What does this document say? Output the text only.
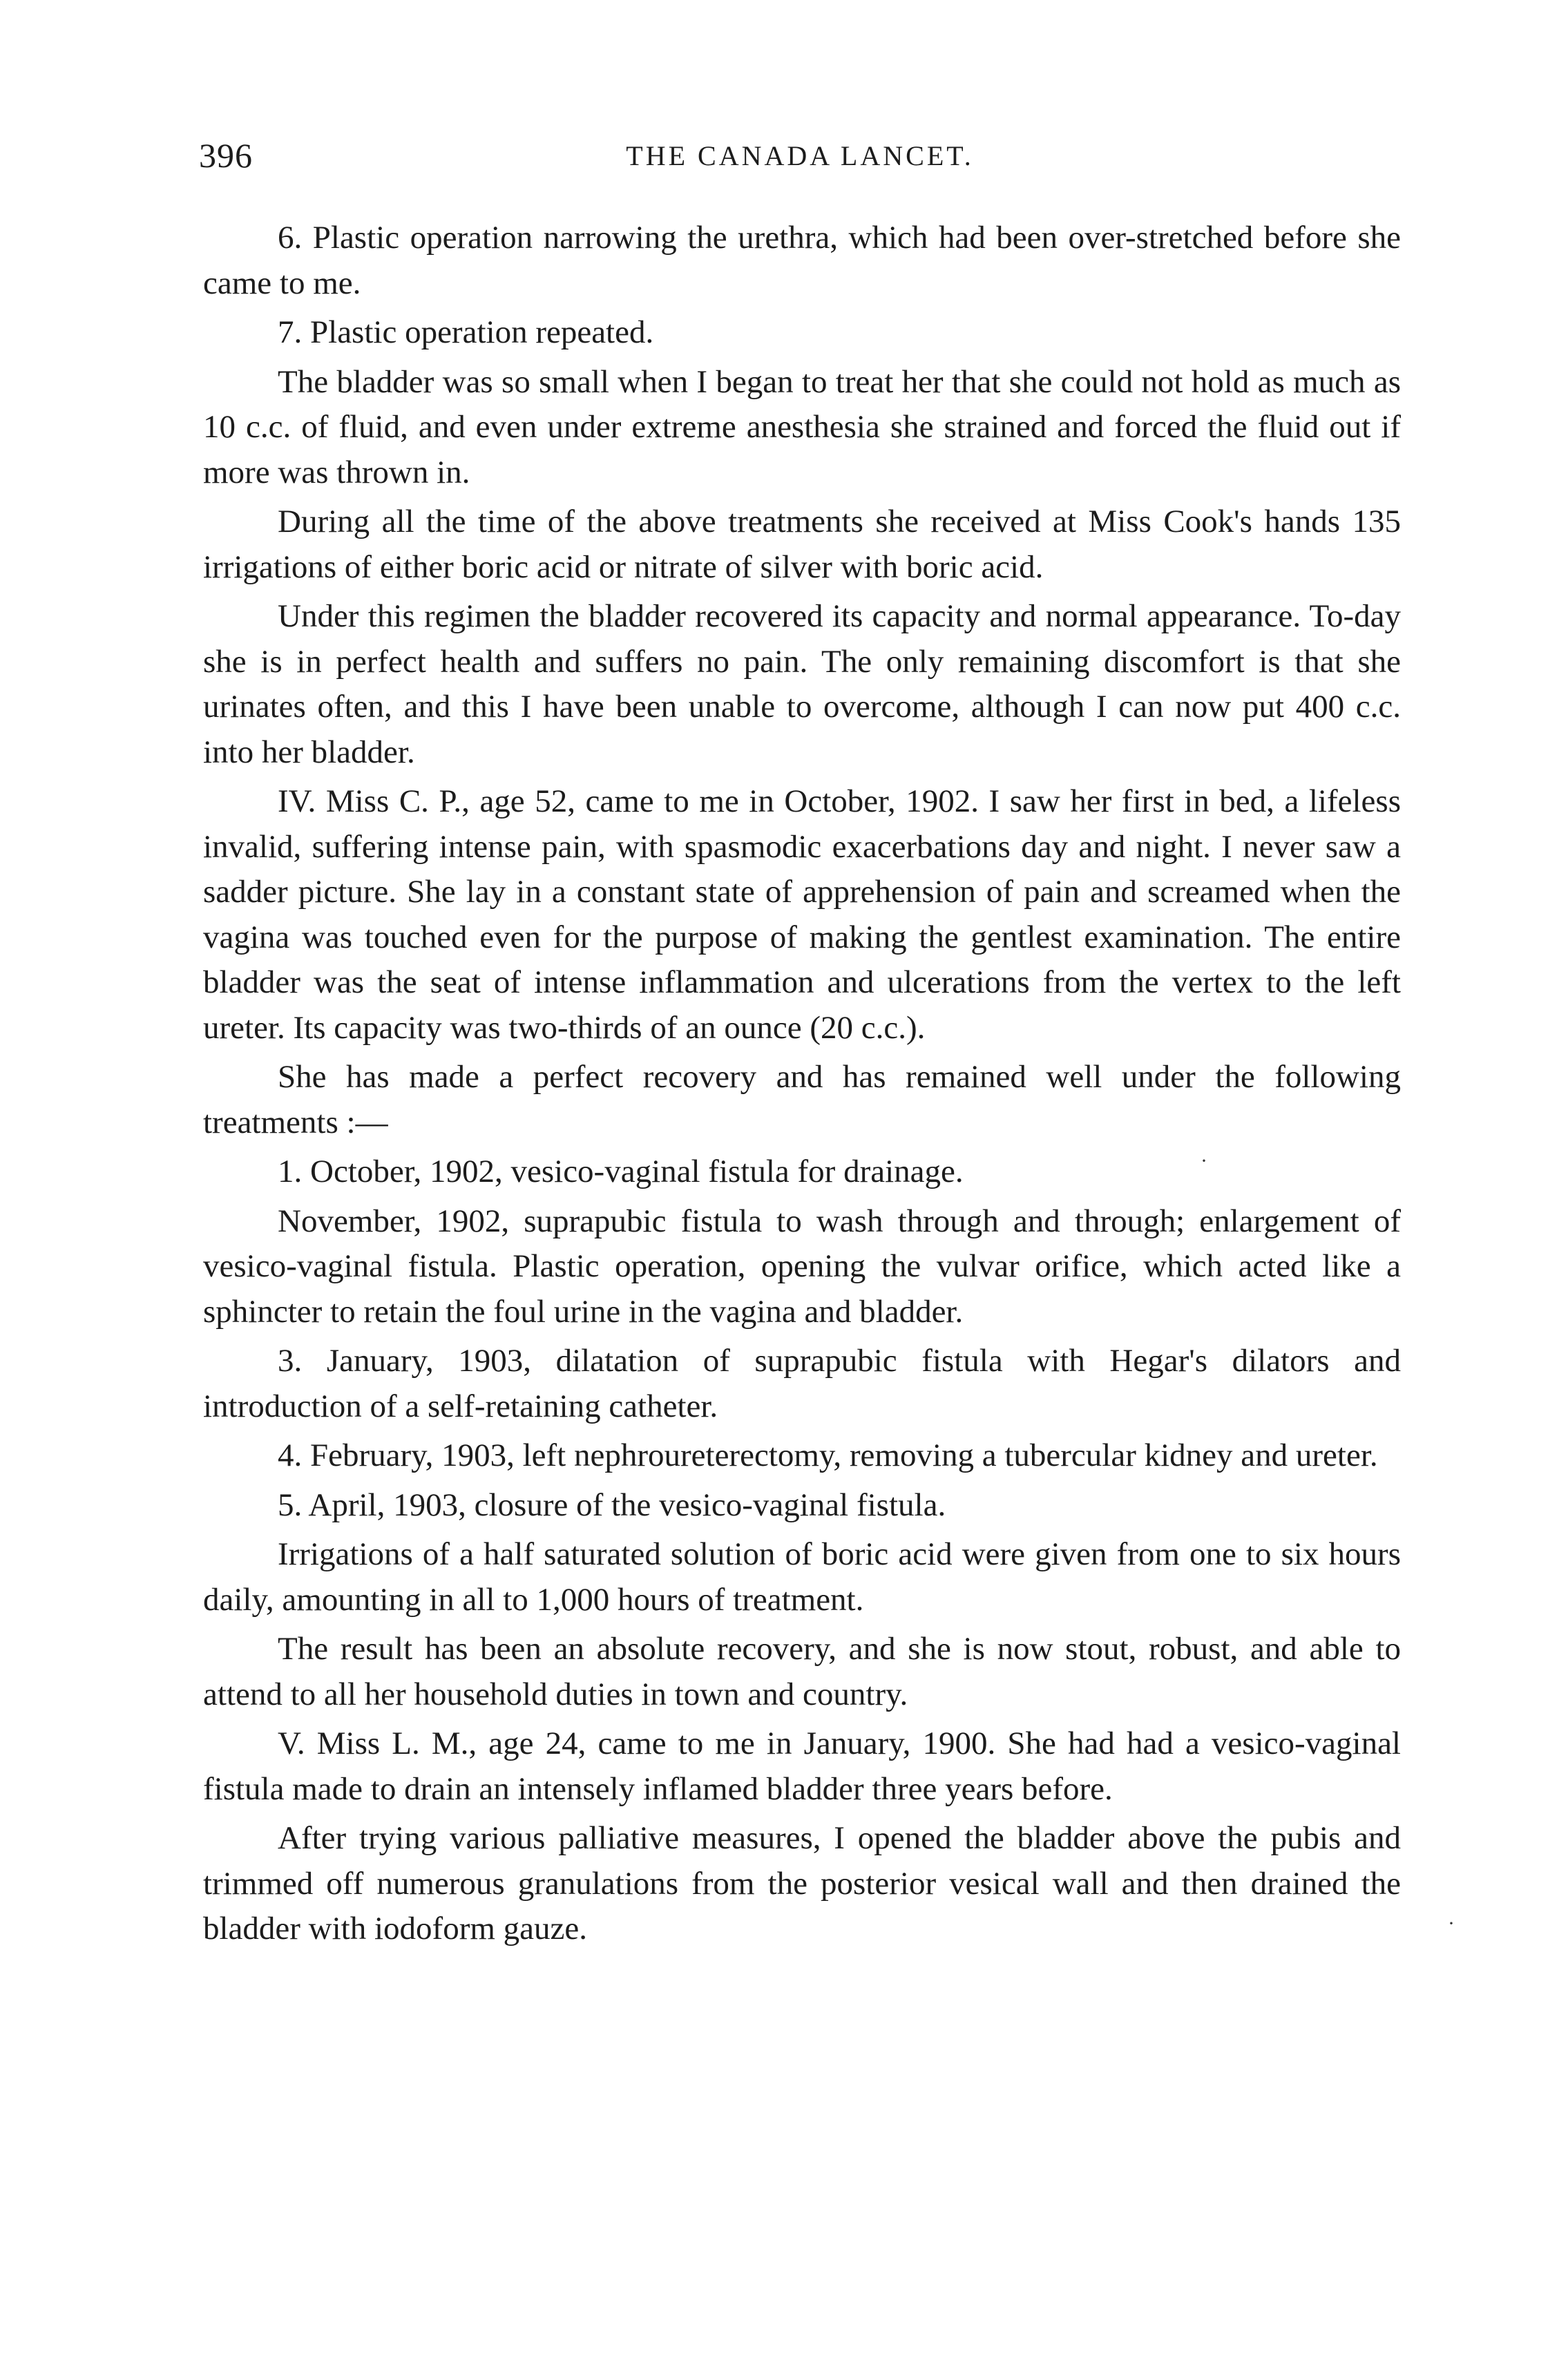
396	THE CANADA LANCET.

6. Plastic operation narrowing the urethra, which had been over-stretched before she came to me.

7. Plastic operation repeated.

The bladder was so small when I began to treat her that she could not hold as much as 10 c.c. of fluid, and even under extreme anesthesia she strained and forced the fluid out if more was thrown in.

During all the time of the above treatments she received at Miss Cook's hands 135 irrigations of either boric acid or nitrate of silver with boric acid.

Under this regimen the bladder recovered its capacity and normal appearance. To-day she is in perfect health and suffers no pain. The only remaining discomfort is that she urinates often, and this I have been unable to overcome, although I can now put 400 c.c. into her bladder.

IV. Miss C. P., age 52, came to me in October, 1902. I saw her first in bed, a lifeless invalid, suffering intense pain, with spasmodic exacerbations day and night. I never saw a sadder picture. She lay in a constant state of apprehension of pain and screamed when the vagina was touched even for the purpose of making the gentlest examination. The entire bladder was the seat of intense inflammation and ulcerations from the vertex to the left ureter. Its capacity was two-thirds of an ounce (20 c.c.).

She has made a perfect recovery and has remained well under the following treatments :—

1. October, 1902, vesico-vaginal fistula for drainage.

November, 1902, suprapubic fistula to wash through and through; enlargement of vesico-vaginal fistula. Plastic operation, opening the vulvar orifice, which acted like a sphincter to retain the foul urine in the vagina and bladder.

3. January, 1903, dilatation of suprapubic fistula with Hegar's dilators and introduction of a self-retaining catheter.

4. February, 1903, left nephroureterectomy, removing a tubercular kidney and ureter.

5. April, 1903, closure of the vesico-vaginal fistula.

Irrigations of a half saturated solution of boric acid were given from one to six hours daily, amounting in all to 1,000 hours of treatment.

The result has been an absolute recovery, and she is now stout, robust, and able to attend to all her household duties in town and country.

V. Miss L. M., age 24, came to me in January, 1900. She had had a vesico-vaginal fistula made to drain an intensely inflamed bladder three years before.

After trying various palliative measures, I opened the bladder above the pubis and trimmed off numerous granulations from the posterior vesical wall and then drained the bladder with iodoform gauze.

·
·
